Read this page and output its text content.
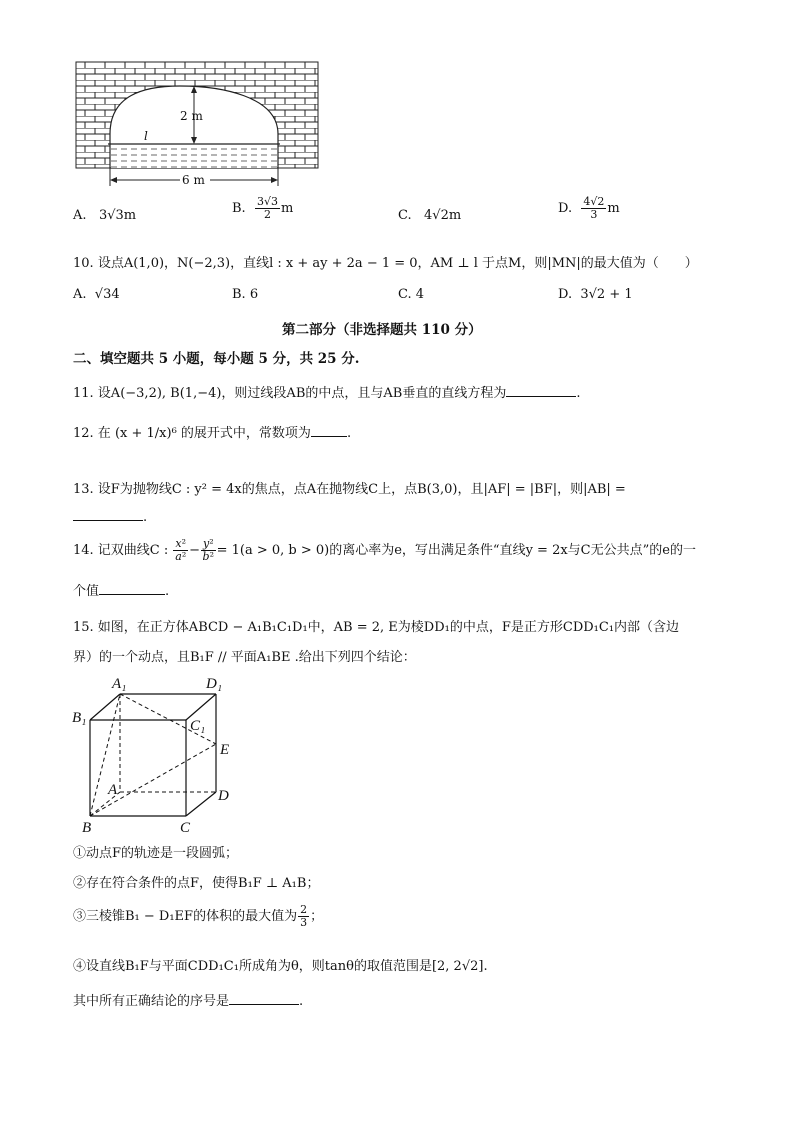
2 m
l
6 m
A. 3√3m	B. $\frac{3√3}{2}$ m	C. 4√2m	D. $\frac{4√2}{3}$ m
10. 设点A(1,0)，N(−2,3)，直线l : x + ay + 2a − 1 = 0，AM ⊥ l 于点M，则|MN|的最大值为（　　）
A. √34	B. 6	C. 4	D. 3√2 + 1
第二部分（非选择题共 110 分）
二、填空题共 5 小题，每小题 5 分，共 25 分.
11. 设A(−3,2), B(1,−4)，则过线段AB的中点，且与AB垂直的直线方程为	.
12. 在 (x + 1/x)⁶ 的展开式中，常数项为	.
13. 设F为抛物线C : y² = 4x的焦点，点A在抛物线C上，点B(3,0)，且|AF| = |BF|，则|AB| =
.
14. 记双曲线C : $\frac{\text{x²}}{\text{a²}} - \frac{\text{y²}}{\text{b²}} = 1(a > 0$, b > 0)的离心率为e，写出满足条件“直线y = 2x与C无公共点”的e的一
个值	.
15. 如图，在正方体ABCD − A₁B₁C₁D₁中，AB = 2, E为棱DD₁的中点，F是正方形CDD₁C₁内部（含边
界）的一个动点，且B₁F // 平面A₁BE .给出下列四个结论：
A₁	D₁
B₁	C₁
E
A	D
B	C
①动点F的轨迹是一段圆弧；
②存在符合条件的点F，使得B₁F ⊥ A₁B；
③三棱锥B₁ − D₁EF的体积的最大值为 $\frac{2}{3}$ ；
④设直线B₁F与平面CDD₁C₁所成角为θ，则tanθ的取值范围是[2, 2√2].
其中所有正确结论的序号是	.
